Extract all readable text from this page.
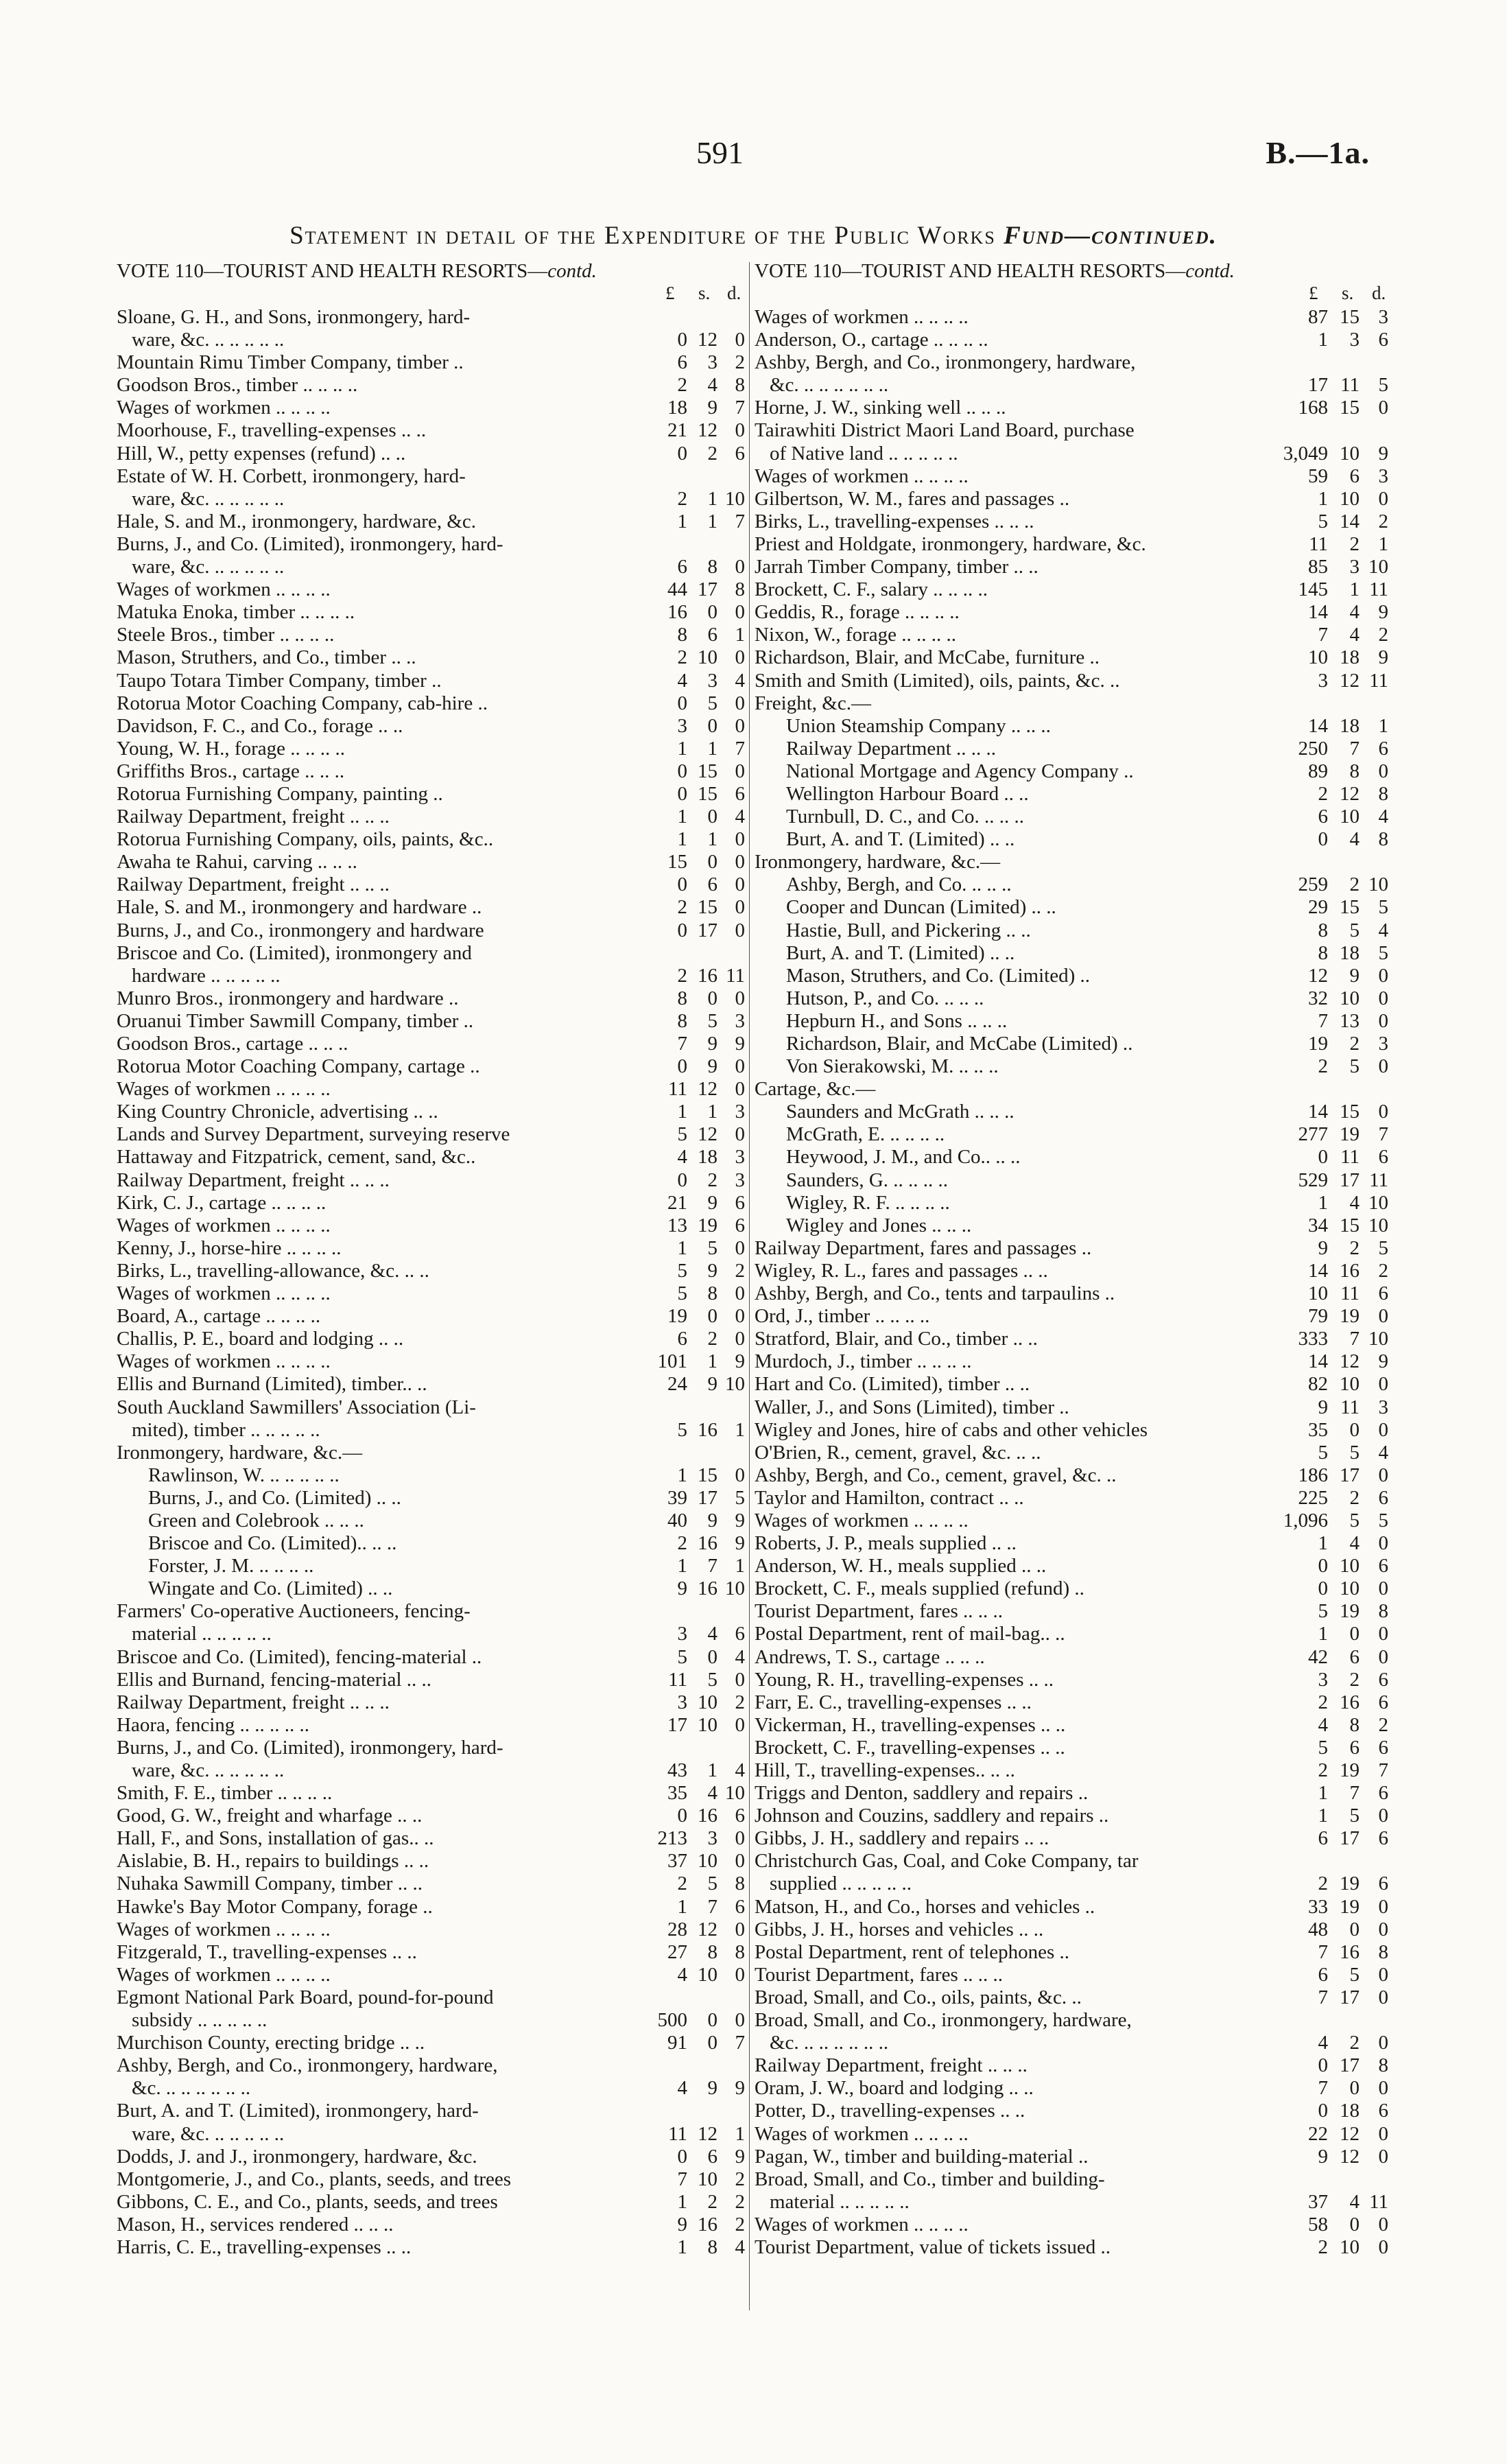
591	B.—1a.
Statement in detail of the Expenditure of the Public Works Fund—continued.
VOTE 110—TOURIST AND HEALTH RESORTS—contd.
£ s. d.
Sloane, G. H., and Sons, ironmongery, hard-
ware, &c. .. .. .. .. ..	0 12 0
Mountain Rimu Timber Company, timber ..	6	3 2
Goodson Bros., timber .. .. .. ..	2	4 8
Wages of workmen .. .. .. ..	18	9 7
Moorhouse, F., travelling-expenses .. ..	21 12 0
Hill, W., petty expenses (refund) .. ..	0	2 6
Estate of W. H. Corbett, ironmongery, hard-
ware, &c. .. .. .. .. ..	2	1 10
Hale, S. and M., ironmongery, hardware, &c.	1	1 7
Burns, J., and Co. (Limited), ironmongery, hard-
ware, &c. .. .. .. .. ..	6	8 0
Wages of workmen .. .. .. ..	44 17 8
Matuka Enoka, timber .. .. .. ..	16	0 0
Steele Bros., timber .. .. .. ..	8	6 1
Mason, Struthers, and Co., timber .. ..	2 10 0
Taupo Totara Timber Company, timber ..	4	3 4
Rotorua Motor Coaching Company, cab-hire ..	0	5 0
Davidson, F. C., and Co., forage .. ..	3	0 0
Young, W. H., forage .. .. .. ..	1	1 7
Griffiths Bros., cartage .. .. ..	0 15 0
Rotorua Furnishing Company, painting ..	0 15 6
Railway Department, freight .. .. ..	1	0 4
Rotorua Furnishing Company, oils, paints, &c..	1	1 0
Awaha te Rahui, carving .. .. ..	15	0 0
Railway Department, freight .. .. ..	0	6 0
Hale, S. and M., ironmongery and hardware ..	2 15 0
Burns, J., and Co., ironmongery and hardware	0 17 0
Briscoe and Co. (Limited), ironmongery and
hardware .. .. .. .. ..	2 16 11
Munro Bros., ironmongery and hardware ..	8	0 0
Oruanui Timber Sawmill Company, timber ..	8	5 3
Goodson Bros., cartage .. .. ..	7	9 9
Rotorua Motor Coaching Company, cartage ..	0	9 0
Wages of workmen .. .. .. ..	11 12 0
King Country Chronicle, advertising .. ..	1	1 3
Lands and Survey Department, surveying reserve	5 12 0
Hattaway and Fitzpatrick, cement, sand, &c..	4 18 3
Railway Department, freight .. .. ..	0	2 3
Kirk, C. J., cartage .. .. .. ..	21	9 6
Wages of workmen .. .. .. ..	13 19 6
Kenny, J., horse-hire .. .. .. ..	1	5 0
Birks, L., travelling-allowance, &c. .. ..	5	9 2
Wages of workmen .. .. .. ..	5	8 0
Board, A., cartage .. .. .. ..	19	0 0
Challis, P. E., board and lodging .. ..	6	2 0
Wages of workmen .. .. .. ..	101	1 9
Ellis and Burnand (Limited), timber.. ..	24	9 10
South Auckland Sawmillers' Association (Li-
mited), timber .. .. .. .. ..	5 16 1
Ironmongery, hardware, &c.—
Rawlinson, W. .. .. .. .. ..	1 15 0
Burns, J., and Co. (Limited) .. ..	39 17 5
Green and Colebrook .. .. ..	40	9 9
Briscoe and Co. (Limited).. .. ..	2 16 9
Forster, J. M. .. .. .. ..	1	7 1
Wingate and Co. (Limited) .. ..	9 16 10
Farmers' Co-operative Auctioneers, fencing-
material .. .. .. .. ..	3	4 6
Briscoe and Co. (Limited), fencing-material ..	5	0 4
Ellis and Burnand, fencing-material .. ..	11	5 0
Railway Department, freight .. .. ..	3 10 2
Haora, fencing .. .. .. .. ..	17 10 0
Burns, J., and Co. (Limited), ironmongery, hard-
ware, &c. .. .. .. .. ..	43	1 4
Smith, F. E., timber .. .. .. ..	35	4 10
Good, G. W., freight and wharfage .. ..	0 16 6
Hall, F., and Sons, installation of gas.. ..	213	3 0
Aislabie, B. H., repairs to buildings .. ..	37 10 0
Nuhaka Sawmill Company, timber .. ..	2	5 8
Hawke's Bay Motor Company, forage ..	1	7 6
Wages of workmen .. .. .. ..	28 12 0
Fitzgerald, T., travelling-expenses .. ..	27	8 8
Wages of workmen .. .. .. ..	4 10 0
Egmont National Park Board, pound-for-pound
subsidy .. .. .. .. ..	500	0 0
Murchison County, erecting bridge .. ..	91	0 7
Ashby, Bergh, and Co., ironmongery, hardware,
&c. .. .. .. .. .. ..	4	9 9
Burt, A. and T. (Limited), ironmongery, hard-
ware, &c. .. .. .. .. ..	11 12 1
Dodds, J. and J., ironmongery, hardware, &c.	0	6 9
Montgomerie, J., and Co., plants, seeds, and trees	7 10 2
Gibbons, C. E., and Co., plants, seeds, and trees	1	2 2
Mason, H., services rendered .. .. ..	9 16 2
Harris, C. E., travelling-expenses .. ..	1	8 4
VOTE 110—TOURIST AND HEALTH RESORTS—contd.
£ s. d.
Wages of workmen .. .. .. ..	87 15 3
Anderson, O., cartage .. .. .. ..	1	3 6
Ashby, Bergh, and Co., ironmongery, hardware,
&c. .. .. .. .. .. ..	17 11 5
Horne, J. W., sinking well .. .. ..	168 15 0
Tairawhiti District Maori Land Board, purchase
of Native land .. .. .. .. ..	3,049 10 9
Wages of workmen .. .. .. ..	59	6 3
Gilbertson, W. M., fares and passages ..	1 10 0
Birks, L., travelling-expenses .. .. ..	5 14 2
Priest and Holdgate, ironmongery, hardware, &c.	11	2 1
Jarrah Timber Company, timber .. ..	85	3 10
Brockett, C. F., salary .. .. .. ..	145	1 11
Geddis, R., forage .. .. .. ..	14	4 9
Nixon, W., forage .. .. .. ..	7	4 2
Richardson, Blair, and McCabe, furniture ..	10 18 9
Smith and Smith (Limited), oils, paints, &c. ..	3 12 11
Freight, &c.—
Union Steamship Company .. .. ..	14 18 1
Railway Department .. .. ..	250	7 6
National Mortgage and Agency Company ..	89	8 0
Wellington Harbour Board .. ..	2 12 8
Turnbull, D. C., and Co. .. .. ..	6 10 4
Burt, A. and T. (Limited) .. ..	0	4 8
Ironmongery, hardware, &c.—
Ashby, Bergh, and Co. .. .. ..	259	2 10
Cooper and Duncan (Limited) .. ..	29 15 5
Hastie, Bull, and Pickering .. ..	8	5 4
Burt, A. and T. (Limited) .. ..	8 18 5
Mason, Struthers, and Co. (Limited) ..	12	9 0
Hutson, P., and Co. .. .. ..	32 10 0
Hepburn H., and Sons .. .. ..	7 13 0
Richardson, Blair, and McCabe (Limited) ..	19	2 3
Von Sierakowski, M. .. .. ..	2	5 0
Cartage, &c.—
Saunders and McGrath .. .. ..	14 15 0
McGrath, E. .. .. .. ..	277 19 7
Heywood, J. M., and Co.. .. ..	0 11 6
Saunders, G. .. .. .. ..	529 17 11
Wigley, R. F. .. .. .. ..	1	4 10
Wigley and Jones .. .. ..	34 15 10
Railway Department, fares and passages ..	9	2 5
Wigley, R. L., fares and passages .. ..	14 16 2
Ashby, Bergh, and Co., tents and tarpaulins ..	10 11 6
Ord, J., timber .. .. .. ..	79 19 0
Stratford, Blair, and Co., timber .. ..	333	7 10
Murdoch, J., timber .. .. .. ..	14 12 9
Hart and Co. (Limited), timber .. ..	82 10 0
Waller, J., and Sons (Limited), timber ..	9 11 3
Wigley and Jones, hire of cabs and other vehicles	35	0 0
O'Brien, R., cement, gravel, &c. .. ..	5	5 4
Ashby, Bergh, and Co., cement, gravel, &c. ..	186 17 0
Taylor and Hamilton, contract .. ..	225	2 6
Wages of workmen .. .. .. ..	1,096	5 5
Roberts, J. P., meals supplied .. ..	1	4 0
Anderson, W. H., meals supplied .. ..	0 10 6
Brockett, C. F., meals supplied (refund) ..	0 10 0
Tourist Department, fares .. .. ..	5 19 8
Postal Department, rent of mail-bag.. ..	1	0 0
Andrews, T. S., cartage .. .. ..	42	6 0
Young, R. H., travelling-expenses .. ..	3	2 6
Farr, E. C., travelling-expenses .. ..	2 16 6
Vickerman, H., travelling-expenses .. ..	4	8 2
Brockett, C. F., travelling-expenses .. ..	5	6 6
Hill, T., travelling-expenses.. .. ..	2 19 7
Triggs and Denton, saddlery and repairs ..	1	7 6
Johnson and Couzins, saddlery and repairs ..	1	5 0
Gibbs, J. H., saddlery and repairs .. ..	6 17 6
Christchurch Gas, Coal, and Coke Company, tar
supplied .. .. .. .. ..	2 19 6
Matson, H., and Co., horses and vehicles ..	33 19 0
Gibbs, J. H., horses and vehicles .. ..	48	0 0
Postal Department, rent of telephones ..	7 16 8
Tourist Department, fares .. .. ..	6	5 0
Broad, Small, and Co., oils, paints, &c. ..	7 17 0
Broad, Small, and Co., ironmongery, hardware,
&c. .. .. .. .. .. ..	4	2 0
Railway Department, freight .. .. ..	0 17 8
Oram, J. W., board and lodging .. ..	7	0 0
Potter, D., travelling-expenses .. ..	0 18 6
Wages of workmen .. .. .. ..	22 12 0
Pagan, W., timber and building-material ..	9 12 0
Broad, Small, and Co., timber and building-
material .. .. .. .. ..	37	4 11
Wages of workmen .. .. .. ..	58	0 0
Tourist Department, value of tickets issued ..	2 10 0
